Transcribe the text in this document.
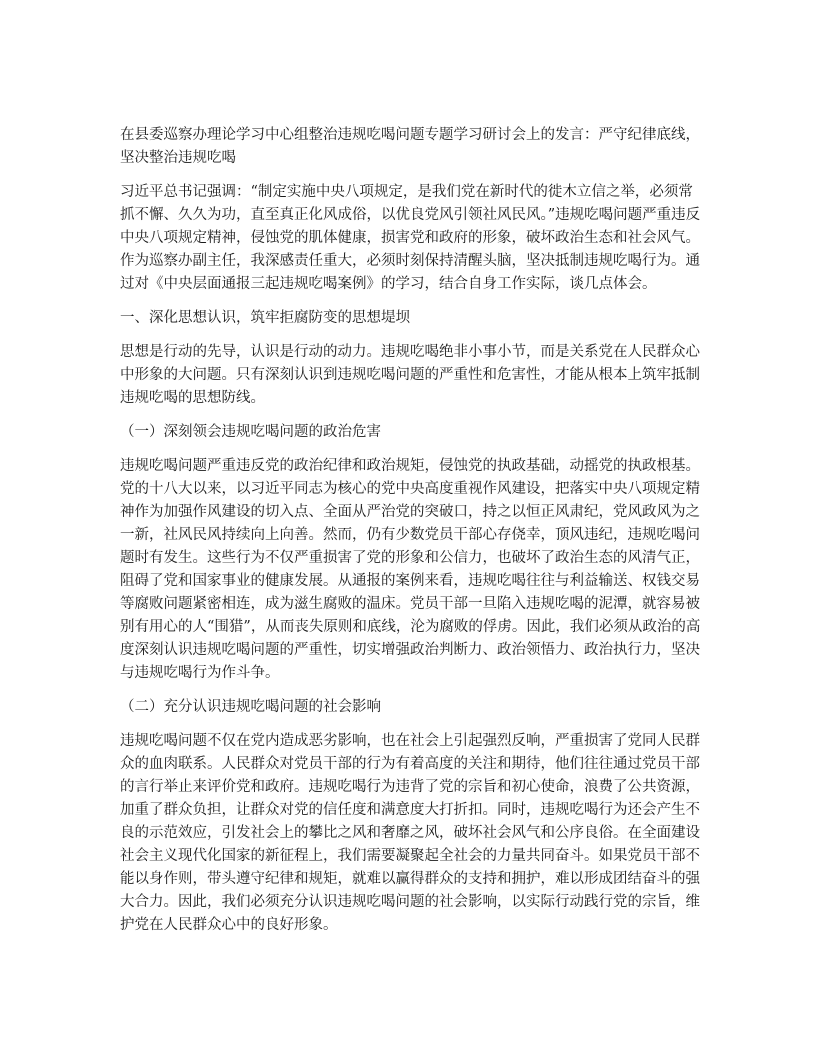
在县委巡察办理论学习中心组整治违规吃喝问题专题学习研讨会上的发言：严守纪律底线，坚决整治违规吃喝

习近平总书记强调：“制定实施中央八项规定，是我们党在新时代的徙木立信之举，必须常抓不懈、久久为功，直至真正化风成俗，以优良党风引领社风民风。”违规吃喝问题严重违反中央八项规定精神，侵蚀党的肌体健康，损害党和政府的形象，破坏政治生态和社会风气。作为巡察办副主任，我深感责任重大，必须时刻保持清醒头脑，坚决抵制违规吃喝行为。通过对《中央层面通报三起违规吃喝案例》的学习，结合自身工作实际，谈几点体会。

一、深化思想认识，筑牢拒腐防变的思想堤坝

思想是行动的先导，认识是行动的动力。违规吃喝绝非小事小节，而是关系党在人民群众心中形象的大问题。只有深刻认识到违规吃喝问题的严重性和危害性，才能从根本上筑牢抵制违规吃喝的思想防线。

（一）深刻领会违规吃喝问题的政治危害

违规吃喝问题严重违反党的政治纪律和政治规矩，侵蚀党的执政基础，动摇党的执政根基。党的十八大以来，以习近平同志为核心的党中央高度重视作风建设，把落实中央八项规定精神作为加强作风建设的切入点、全面从严治党的突破口，持之以恒正风肃纪，党风政风为之一新，社风民风持续向上向善。然而，仍有少数党员干部心存侥幸，顶风违纪，违规吃喝问题时有发生。这些行为不仅严重损害了党的形象和公信力，也破坏了政治生态的风清气正，阻碍了党和国家事业的健康发展。从通报的案例来看，违规吃喝往往与利益输送、权钱交易等腐败问题紧密相连，成为滋生腐败的温床。党员干部一旦陷入违规吃喝的泥潭，就容易被别有用心的人“围猎”，从而丧失原则和底线，沦为腐败的俘虏。因此，我们必须从政治的高度深刻认识违规吃喝问题的严重性，切实增强政治判断力、政治领悟力、政治执行力，坚决与违规吃喝行为作斗争。

（二）充分认识违规吃喝问题的社会影响

违规吃喝问题不仅在党内造成恶劣影响，也在社会上引起强烈反响，严重损害了党同人民群众的血肉联系。人民群众对党员干部的行为有着高度的关注和期待，他们往往通过党员干部的言行举止来评价党和政府。违规吃喝行为违背了党的宗旨和初心使命，浪费了公共资源，加重了群众负担，让群众对党的信任度和满意度大打折扣。同时，违规吃喝行为还会产生不良的示范效应，引发社会上的攀比之风和奢靡之风，破坏社会风气和公序良俗。在全面建设社会主义现代化国家的新征程上，我们需要凝聚起全社会的力量共同奋斗。如果党员干部不能以身作则，带头遵守纪律和规矩，就难以赢得群众的支持和拥护，难以形成团结奋斗的强大合力。因此，我们必须充分认识违规吃喝问题的社会影响，以实际行动践行党的宗旨，维护党在人民群众心中的良好形象。
